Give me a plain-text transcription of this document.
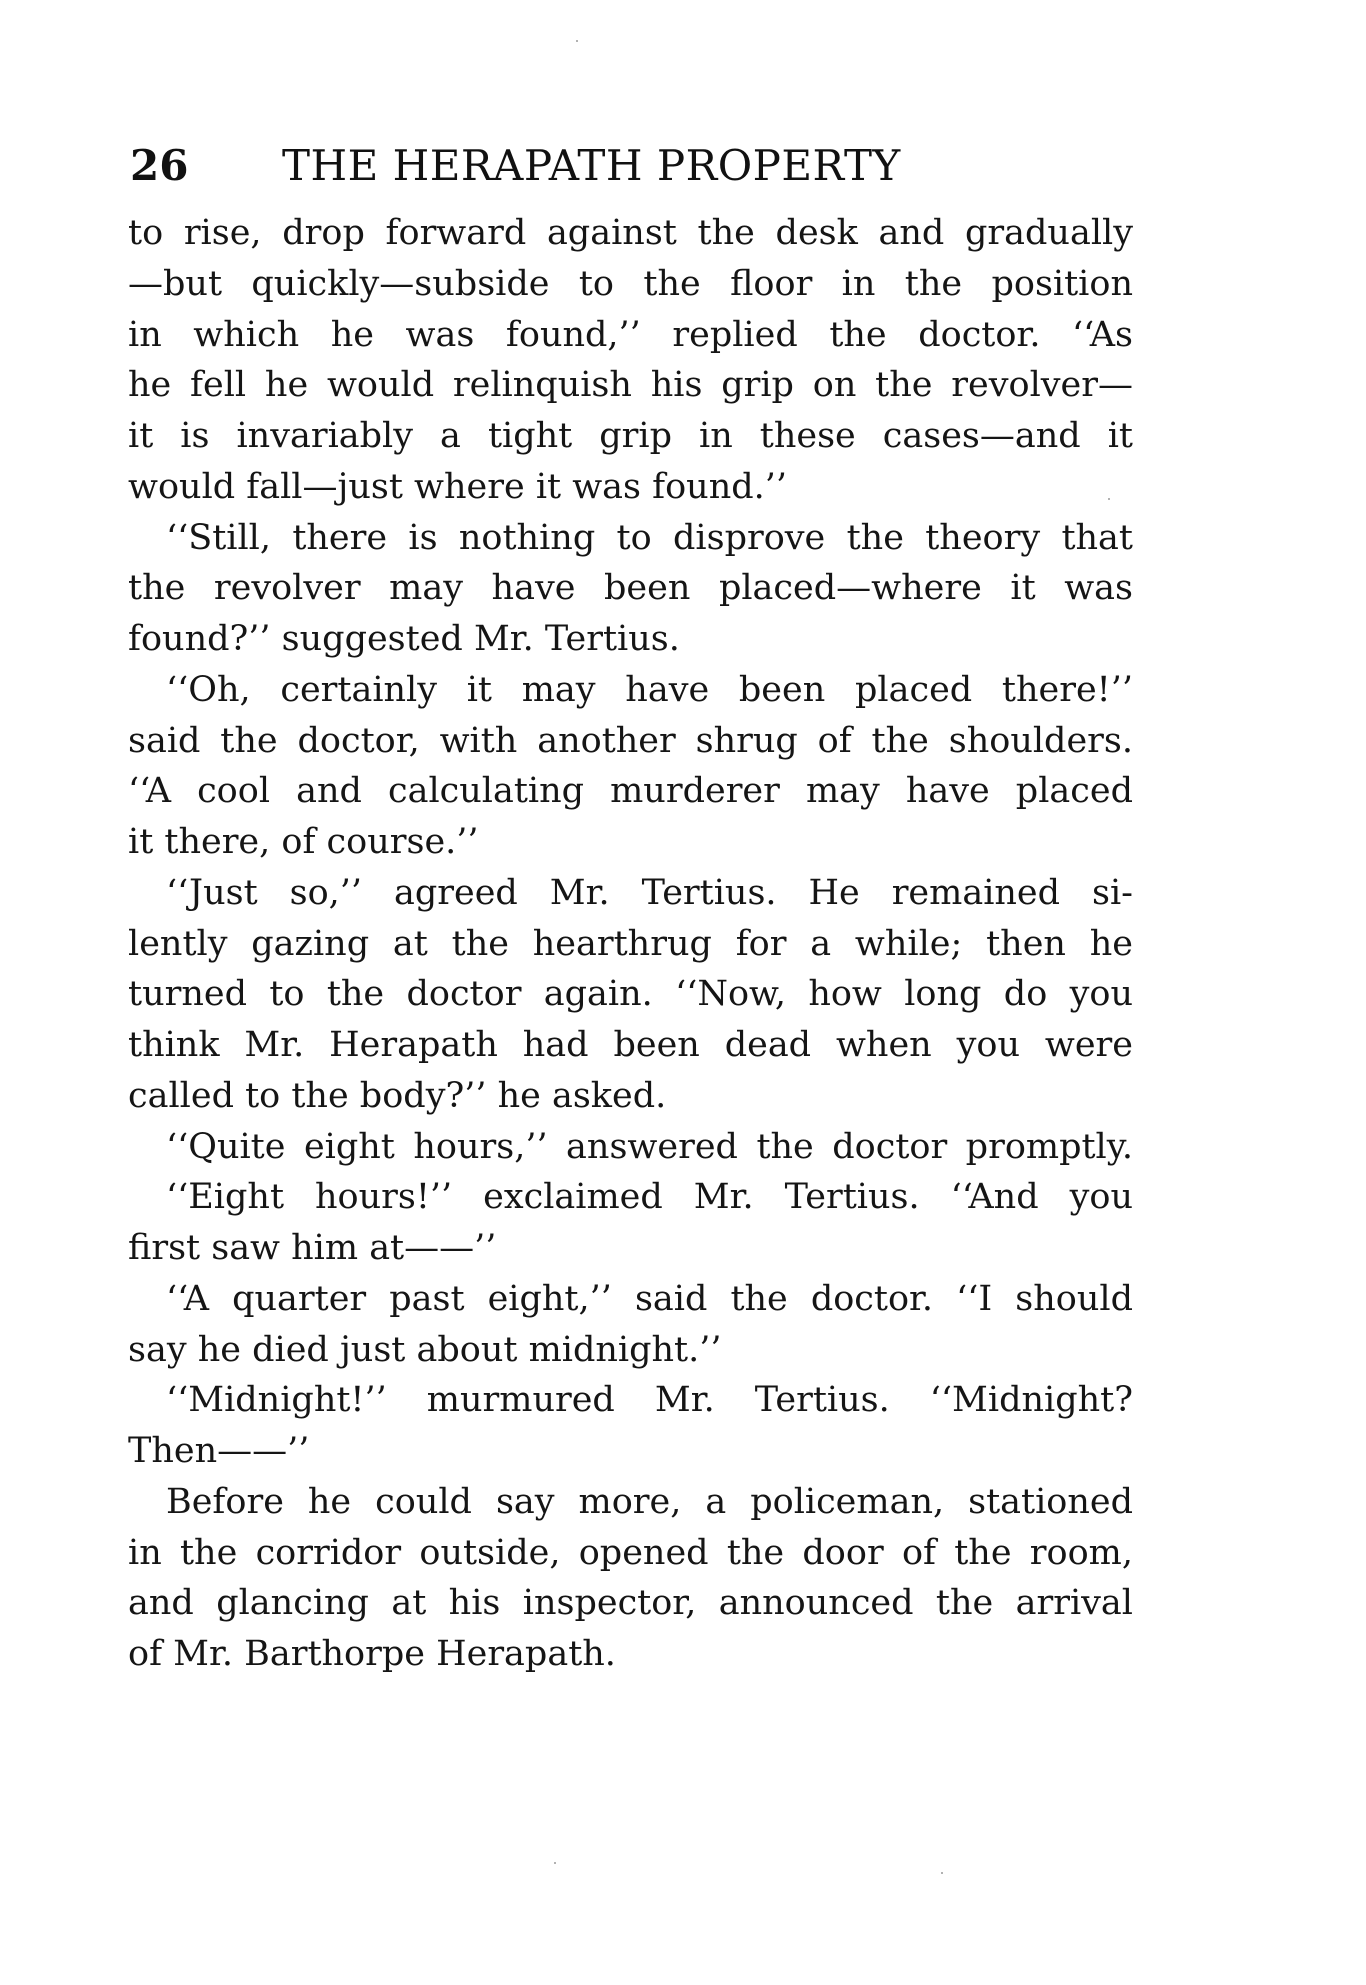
26 THE HERAPATH PROPERTY
to rise, drop forward against the desk and gradually
—but quickly—subside to the floor in the position
in which he was found,’’ replied the doctor. ‘‘As
he fell he would relinquish his grip on the revolver—
it is invariably a tight grip in these cases—and it
would fall—just where it was found.’’
‘‘Still, there is nothing to disprove the theory that
the revolver may have been placed—where it was
found?’’ suggested Mr. Tertius.
‘‘Oh, certainly it may have been placed there!’’
said the doctor, with another shrug of the shoulders.
‘‘A cool and calculating murderer may have placed
it there, of course.’’
‘‘Just so,’’ agreed Mr. Tertius. He remained si-
lently gazing at the hearthrug for a while; then he
turned to the doctor again. ‘‘Now, how long do you
think Mr. Herapath had been dead when you were
called to the body?’’ he asked.
‘‘Quite eight hours,’’ answered the doctor promptly.
‘‘Eight hours!’’ exclaimed Mr. Tertius. ‘‘And you
first saw him at——’’
‘‘A quarter past eight,’’ said the doctor. ‘‘I should
say he died just about midnight.’’
‘‘Midnight!’’ murmured Mr. Tertius. ‘‘Midnight?
Then——’’
Before he could say more, a policeman, stationed
in the corridor outside, opened the door of the room,
and glancing at his inspector, announced the arrival
of Mr. Barthorpe Herapath.
